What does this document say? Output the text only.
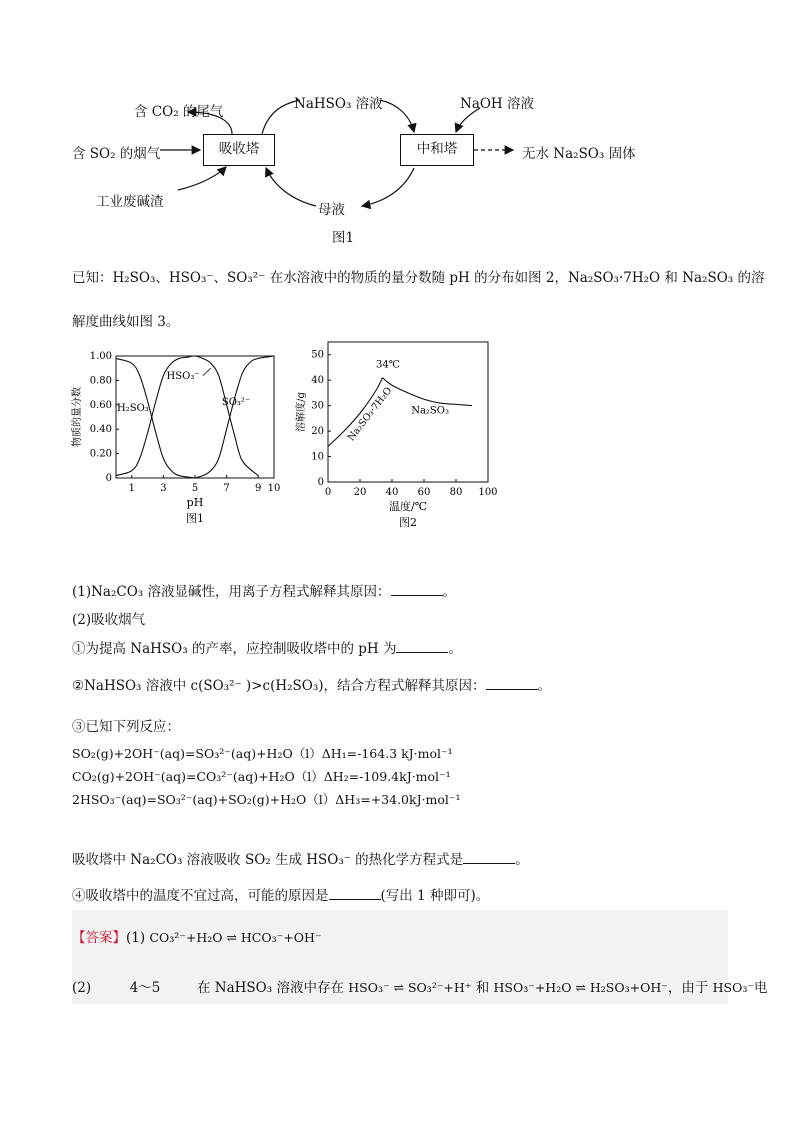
含 CO₂ 的尾气
含 SO₂ 的烟气
工业废碱渣
吸收塔
NaHSO₃ 溶液	NaOH 溶液
中和塔	无水 Na₂SO₃ 固体
母液
图1
已知：H₂SO₃、HSO₃⁻、SO₃²⁻ 在水溶液中的物质的量分数随 pH 的分布如图 2，Na₂SO₃·7H₂O 和 Na₂SO₃ 的溶
解度曲线如图 3。
1	3	5	7	9 10
0
0.20
0.40
0.60
0.80
1.00
pH
物质的量分数
图1
H₂SO₃
HSO₃⁻
SO₃²⁻
0 20 40 60 80 100
0
10
20
30
40
50
温度/℃
溶解度/g
图2
34℃
Na₂SO₃·7H₂O Na₂SO₃
(1)Na₂CO₃ 溶液显碱性，用离子方程式解释其原因：	。
(2)吸收烟气
①为提高 NaHSO₃ 的产率，应控制吸收塔中的 pH 为	。
②NaHSO₃ 溶液中 c(SO₃²⁻ )>c(H₂SO₃)，结合方程式解释其原因：	。
③已知下列反应：
SO₂(g)+2OH⁻(aq)=SO₃²⁻(aq)+H₂O（l）ΔH₁=-164.3 kJ·mol⁻¹
CO₂(g)+2OH⁻(aq)=CO₃²⁻(aq)+H₂O（l）ΔH₂=-109.4kJ·mol⁻¹
2HSO₃⁻(aq)=SO₃²⁻(aq)+SO₂(g)+H₂O（l）ΔH₃=+34.0kJ·mol⁻¹
吸收塔中 Na₂CO₃ 溶液吸收 SO₂ 生成 HSO₃⁻ 的热化学方程式是	。
④吸收塔中的温度不宜过高，可能的原因是	(写出 1 种即可)。
【答案】(1) CO₃²⁻+H₂O ⇌ HCO₃⁻+OH⁻
(2)	4～5	在 NaHSO₃ 溶液中存在 HSO₃⁻ ⇌ SO₃²⁻+H⁺ 和 HSO₃⁻+H₂O ⇌ H₂SO₃+OH⁻，由于 HSO₃⁻电
